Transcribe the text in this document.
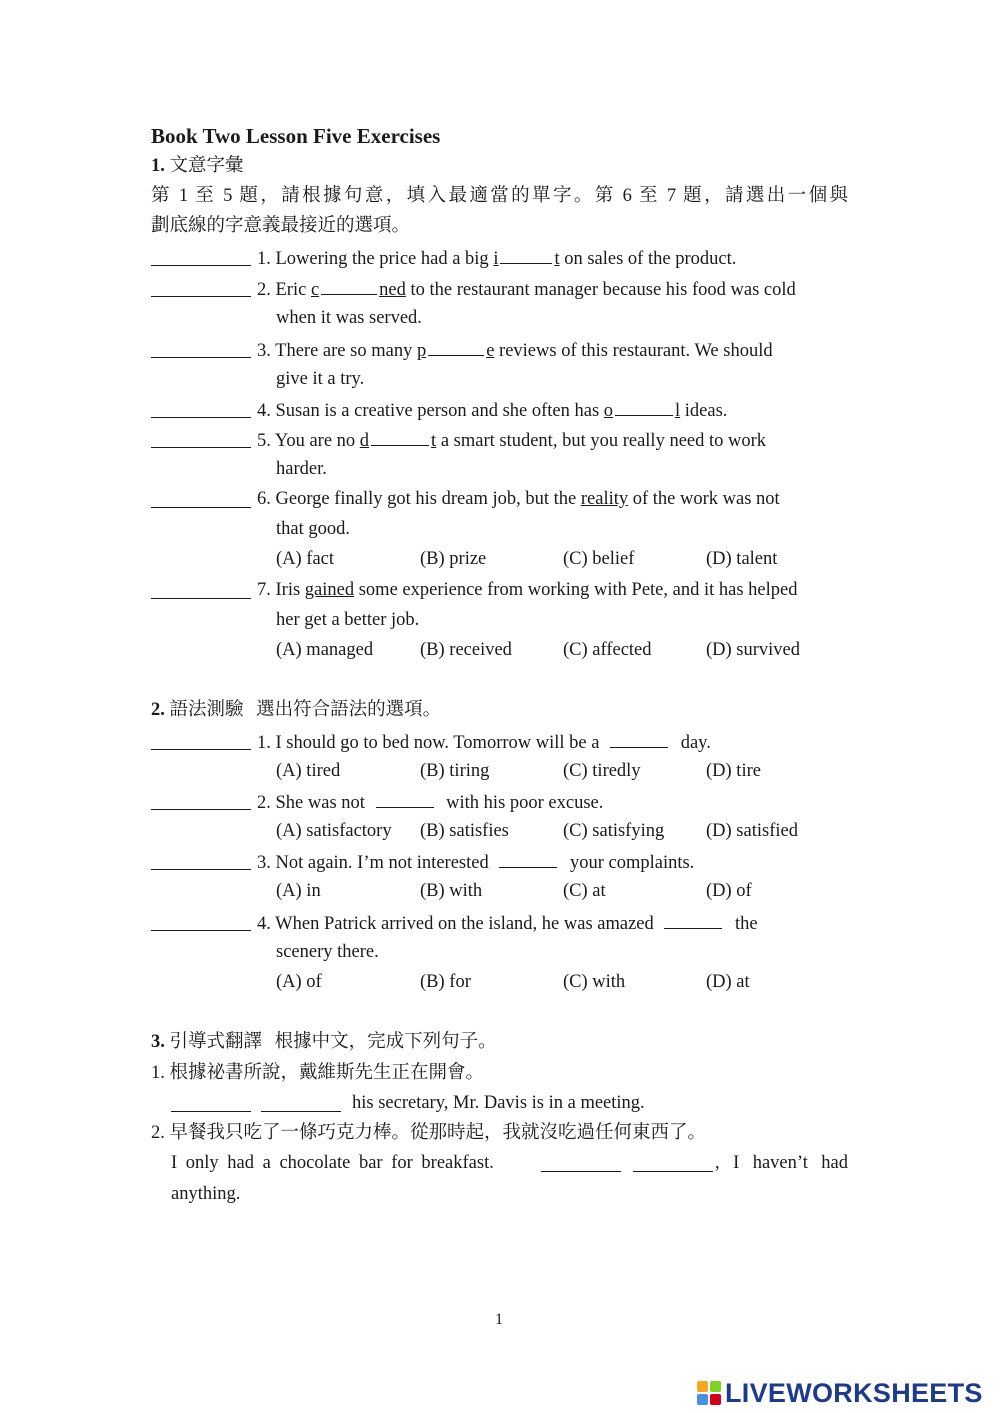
Book Two Lesson Five Exercises
1. 文意字彙
第 1 至 5 題，請根據句意，填入最適當的單字。第 6 至 7 題，請選出一個與
劃底線的字意義最接近的選項。
1. Lowering the price had a big i	t on sales of the product.
2. Eric c	ned to the restaurant manager because his food was cold
when it was served.
3. There are so many p	e reviews of this restaurant. We should
give it a try.
4. Susan is a creative person and she often has o	l ideas.
5. You are no d	t a smart student, but you really need to work
harder.
6. George finally got his dream job, but the reality of the work was not
that good.
(A) fact	(B) prize	(C) belief	(D) talent
7. Iris gained some experience from working with Pete, and it has helped
her get a better job.
(A) managed	(B) received	(C) affected	(D) survived
2. 語法測驗 選出符合語法的選項。
1. I should go to bed now. Tomorrow will be a	day.
(A) tired	(B) tiring	(C) tiredly	(D) tire
2. She was not	with his poor excuse.
(A) satisfactory (B) satisfies	(C) satisfying (D) satisfied
3. Not again. I’m not interested	your complaints.
(A) in	(B) with	(C) at	(D) of
4. When Patrick arrived on the island, he was amazed	the
scenery there.
(A) of	(B) for	(C) with	(D) at
3. 引導式翻譯 根據中文，完成下列句子。
1. 根據祕書所說，戴維斯先生正在開會。
his secretary, Mr. Davis is in a meeting.
2. 早餐我只吃了一條巧克力棒。從那時起，我就沒吃過任何東西了。
I only had a chocolate bar for breakfast.	, I haven’t had
anything.
1
LIVEWORKSHEETS
